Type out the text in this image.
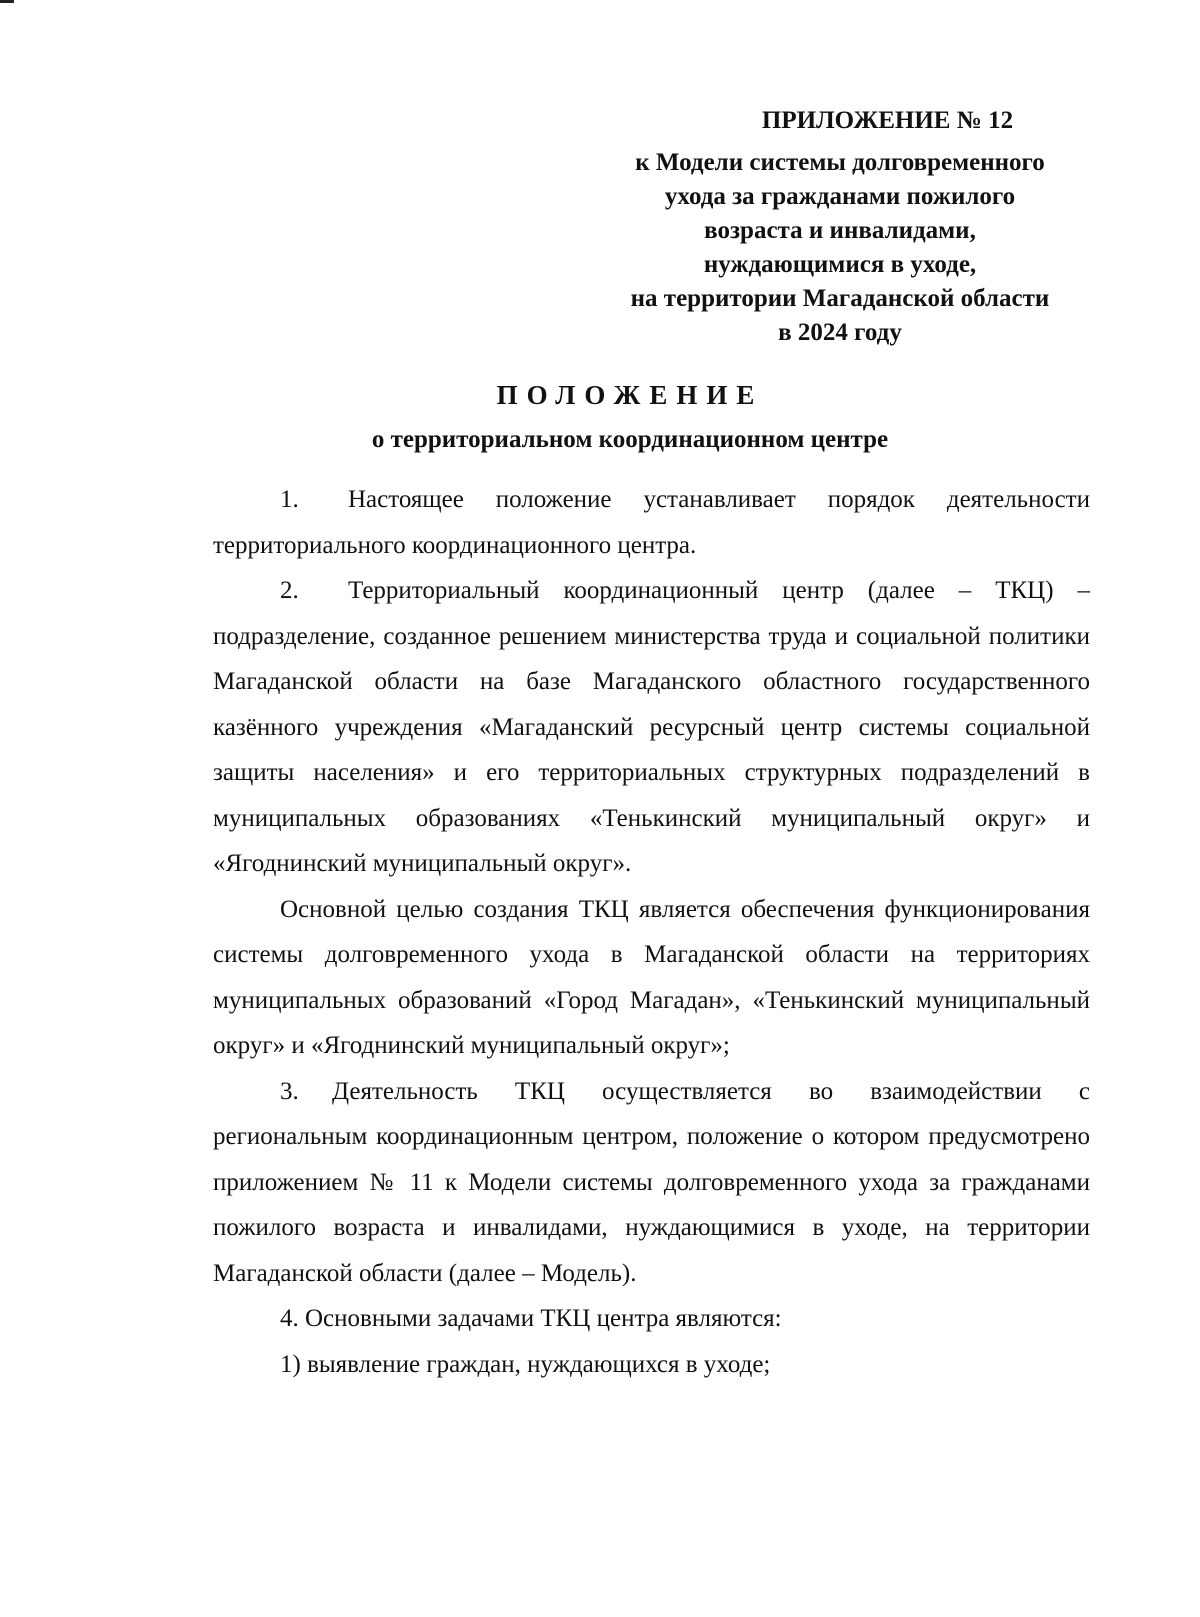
ПРИЛОЖЕНИЕ № 12
к Модели системы долговременного
ухода за гражданами пожилого
возраста и инвалидами,
нуждающимися в уходе,
на территории Магаданской области
в 2024 году
ПОЛОЖЕНИЕ
о территориальном координационном центре

1. Настоящее положение устанавливает порядок деятельности территориального координационного центра.

2. Территориальный координационный центр (далее – ТКЦ) – подразделение, созданное решением министерства труда и социальной политики Магаданской области на базе Магаданского областного государственного казённого учреждения «Магаданский ресурсный центр системы социальной защиты населения» и его территориальных структурных подразделений в муниципальных образованиях «Тенькинский муниципальный округ» и «Ягоднинский муниципальный округ».

Основной целью создания ТКЦ является обеспечения функционирования системы долговременного ухода в Магаданской области на территориях муниципальных образований «Город Магадан», «Тенькинский муниципальный округ» и «Ягоднинский муниципальный округ»;

3. Деятельность ТКЦ осуществляется во взаимодействии с региональным координационным центром, положение о котором предусмотрено приложением № 11 к Модели системы долговременного ухода за гражданами пожилого возраста и инвалидами, нуждающимися в уходе, на территории Магаданской области (далее – Модель).

4. Основными задачами ТКЦ центра являются:

1) выявление граждан, нуждающихся в уходе;
